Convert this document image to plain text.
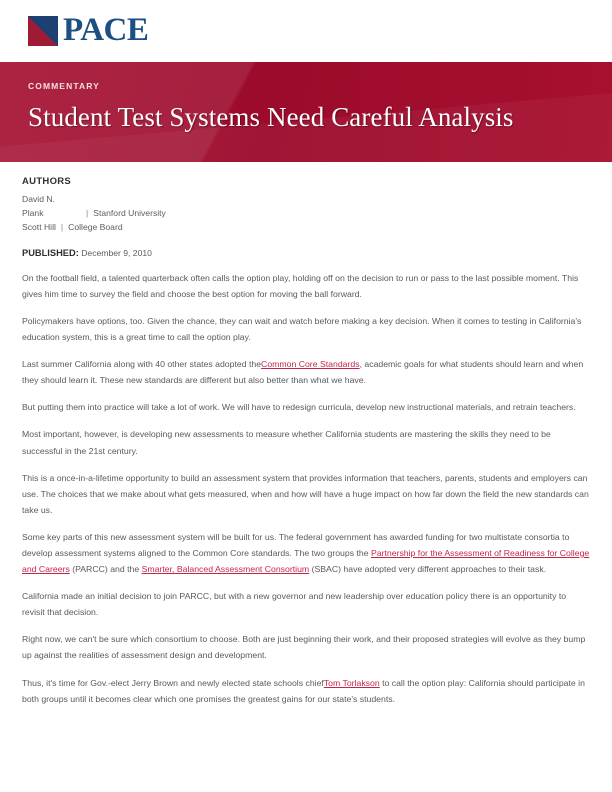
PACE
COMMENTARY
Student Test Systems Need Careful Analysis
AUTHORS
David N.
Plank	| Stanford University
Scott Hill | College Board
PUBLISHED: December 9, 2010

On the football field, a talented quarterback often calls the option play, holding off on the decision to run or pass to the last possible moment. This gives him time to survey the field and choose the best option for moving the ball forward.

Policymakers have options, too. Given the chance, they can wait and watch before making a key decision. When it comes to testing in California's education system, this is a great time to call the option play.

Last summer California along with 40 other states adopted theCommon Core Standards, academic goals for what students should learn and when they should learn it. These new standards are different but also better than what we have.

But putting them into practice will take a lot of work. We will have to redesign curricula, develop new instructional materials, and retrain teachers.

Most important, however, is developing new assessments to measure whether California students are mastering the skills they need to be successful in the 21st century.

This is a once-in-a-lifetime opportunity to build an assessment system that provides information that teachers, parents, students and employers can use. The choices that we make about what gets measured, when and how will have a huge impact on how far down the field the new standards can take us.

Some key parts of this new assessment system will be built for us. The federal government has awarded funding for two multistate consortia to develop assessment systems aligned to the Common Core standards. The two groups the Partnership for the Assessment of Readiness for College and Careers (PARCC) and the Smarter, Balanced Assessment Consortium (SBAC) have adopted very different approaches to their task.

California made an initial decision to join PARCC, but with a new governor and new leadership over education policy there is an opportunity to revisit that decision.

Right now, we can't be sure which consortium to choose. Both are just beginning their work, and their proposed strategies will evolve as they bump up against the realities of assessment design and development.

Thus, it's time for Gov.-elect Jerry Brown and newly elected state schools chiefTom Torlakson to call the option play: California should participate in both groups until it becomes clear which one promises the greatest gains for our state's students.
